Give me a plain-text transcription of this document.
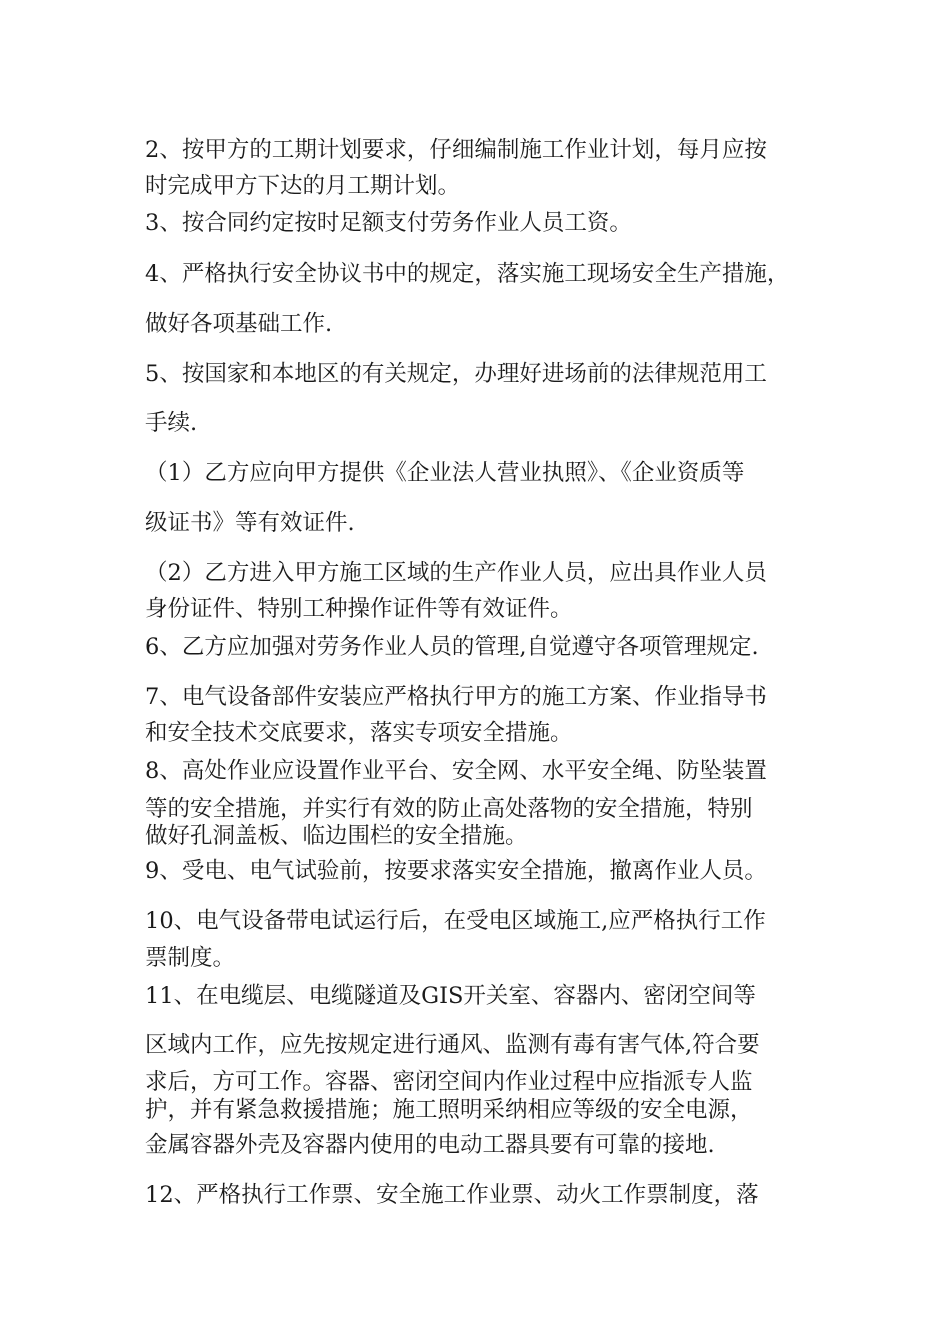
2、按甲方的工期计划要求，仔细编制施工作业计划，每月应按
时完成甲方下达的月工期计划。
3、按合同约定按时足额支付劳务作业人员工资。
4、严格执行安全协议书中的规定，落实施工现场安全生产措施，
做好各项基础工作.
5、按国家和本地区的有关规定，办理好进场前的法律规范用工
手续.
（1）乙方应向甲方提供《企业法人营业执照》、《企业资质等
级证书》等有效证件.
（2）乙方进入甲方施工区域的生产作业人员，应出具作业人员
身份证件、特别工种操作证件等有效证件。
6、乙方应加强对劳务作业人员的管理,自觉遵守各项管理规定.
7、电气设备部件安装应严格执行甲方的施工方案、作业指导书
和安全技术交底要求，落实专项安全措施。
8、高处作业应设置作业平台、安全网、水平安全绳、防坠装置
等的安全措施，并实行有效的防止高处落物的安全措施，特别
做好孔洞盖板、临边围栏的安全措施。
9、受电、电气试验前，按要求落实安全措施，撤离作业人员。
10、电气设备带电试运行后，在受电区域施工,应严格执行工作
票制度。
11、在电缆层、电缆隧道及GIS开关室、容器内、密闭空间等
区域内工作，应先按规定进行通风、监测有毒有害气体,符合要
求后，方可工作。容器、密闭空间内作业过程中应指派专人监
护，并有紧急救援措施；施工照明采纳相应等级的安全电源，
金属容器外壳及容器内使用的电动工器具要有可靠的接地.
12、严格执行工作票、安全施工作业票、动火工作票制度，落
